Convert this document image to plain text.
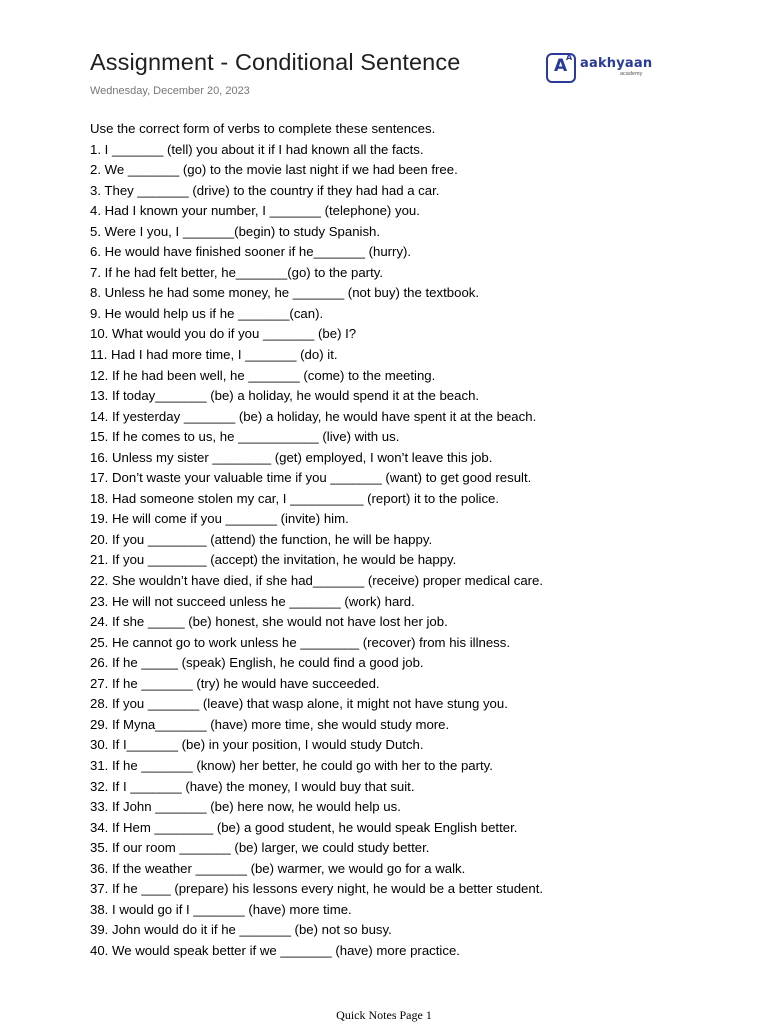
Assignment - Conditional Sentence
Wednesday, December 20, 2023
A
A aakhyaan
academy
Use the correct form of verbs to complete these sentences.
1. I _______ (tell) you about it if I had known all the facts.
2. We _______ (go) to the movie last night if we had been free.
3. They _______ (drive) to the country if they had had a car.
4. Had I known your number, I _______ (telephone) you.
5. Were I you, I _______(begin) to study Spanish.
6. He would have finished sooner if he_______ (hurry).
7. If he had felt better, he_______(go) to the party.
8. Unless he had some money, he _______ (not buy) the textbook.
9. He would help us if he _______(can).
10. What would you do if you _______ (be) I?
11. Had I had more time, I _______ (do) it.
12. If he had been well, he _______ (come) to the meeting.
13. If today_______ (be) a holiday, he would spend it at the beach.
14. If yesterday _______ (be) a holiday, he would have spent it at the beach.
15. If he comes to us, he ___________ (live) with us.
16. Unless my sister ________ (get) employed, I won’t leave this job.
17. Don’t waste your valuable time if you _______ (want) to get good result.
18. Had someone stolen my car, I __________ (report) it to the police.
19. He will come if you _______ (invite) him.
20. If you ________ (attend) the function, he will be happy.
21. If you ________ (accept) the invitation, he would be happy.
22. She wouldn’t have died, if she had_______ (receive) proper medical care.
23. He will not succeed unless he _______ (work) hard.
24. If she _____ (be) honest, she would not have lost her job.
25. He cannot go to work unless he ________ (recover) from his illness.
26. If he _____ (speak) English, he could find a good job.
27. If he _______ (try) he would have succeeded.
28. If you _______ (leave) that wasp alone, it might not have stung you.
29. If Myna_______ (have) more time, she would study more.
30. If I_______ (be) in your position, I would study Dutch.
31. If he _______ (know) her better, he could go with her to the party.
32. If I _______ (have) the money, I would buy that suit.
33. If John _______ (be) here now, he would help us.
34. If Hem ________ (be) a good student, he would speak English better.
35. If our room _______ (be) larger, we could study better.
36. If the weather _______ (be) warmer, we would go for a walk.
37. If he ____ (prepare) his lessons every night, he would be a better student.
38. I would go if I _______ (have) more time.
39. John would do it if he _______ (be) not so busy.
40. We would speak better if we _______ (have) more practice.
Quick Notes Page 1
